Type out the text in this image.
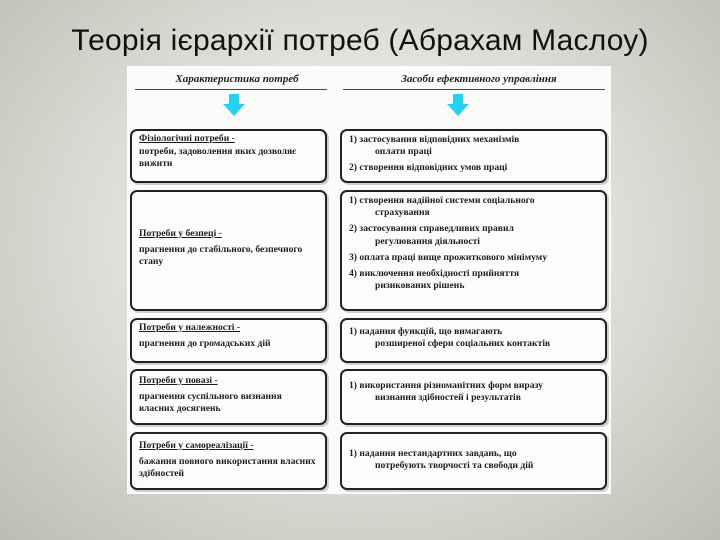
Теорія ієрархії потреб (Абрахам Маслоу)
Характеристика потреб	Засоби ефективного управління
Фізіологічні потреби -
потреби, задоволення яких дозволяє вижити
1) застосування відповідних механізмів
оплати праці
2) створення відповідних умов праці
Потреби у безпеці -
прагнення до стабільного, безпечного стану
1) створення надійної системи соціального
страхування
2) застосування справедливих правил
регулювання діяльності
3) оплата праці вище прожиткового мінімуму
4) виключення необхідності прийняття
ризикованих рішень
Потреби у належності -
прагнення до громадських дій
1) надання функцій, що вимагають
розширеної сфери соціальних контактів
Потреби у повазі -
прагнення суспільного визнання власних досягнень
1) використання різноманітних форм виразу
визнання здібностей і результатів
Потреби у самореалізації -
бажання повного використання власних здібностей
1) надання нестандартних завдань, що
потребують творчості та свободи дій
